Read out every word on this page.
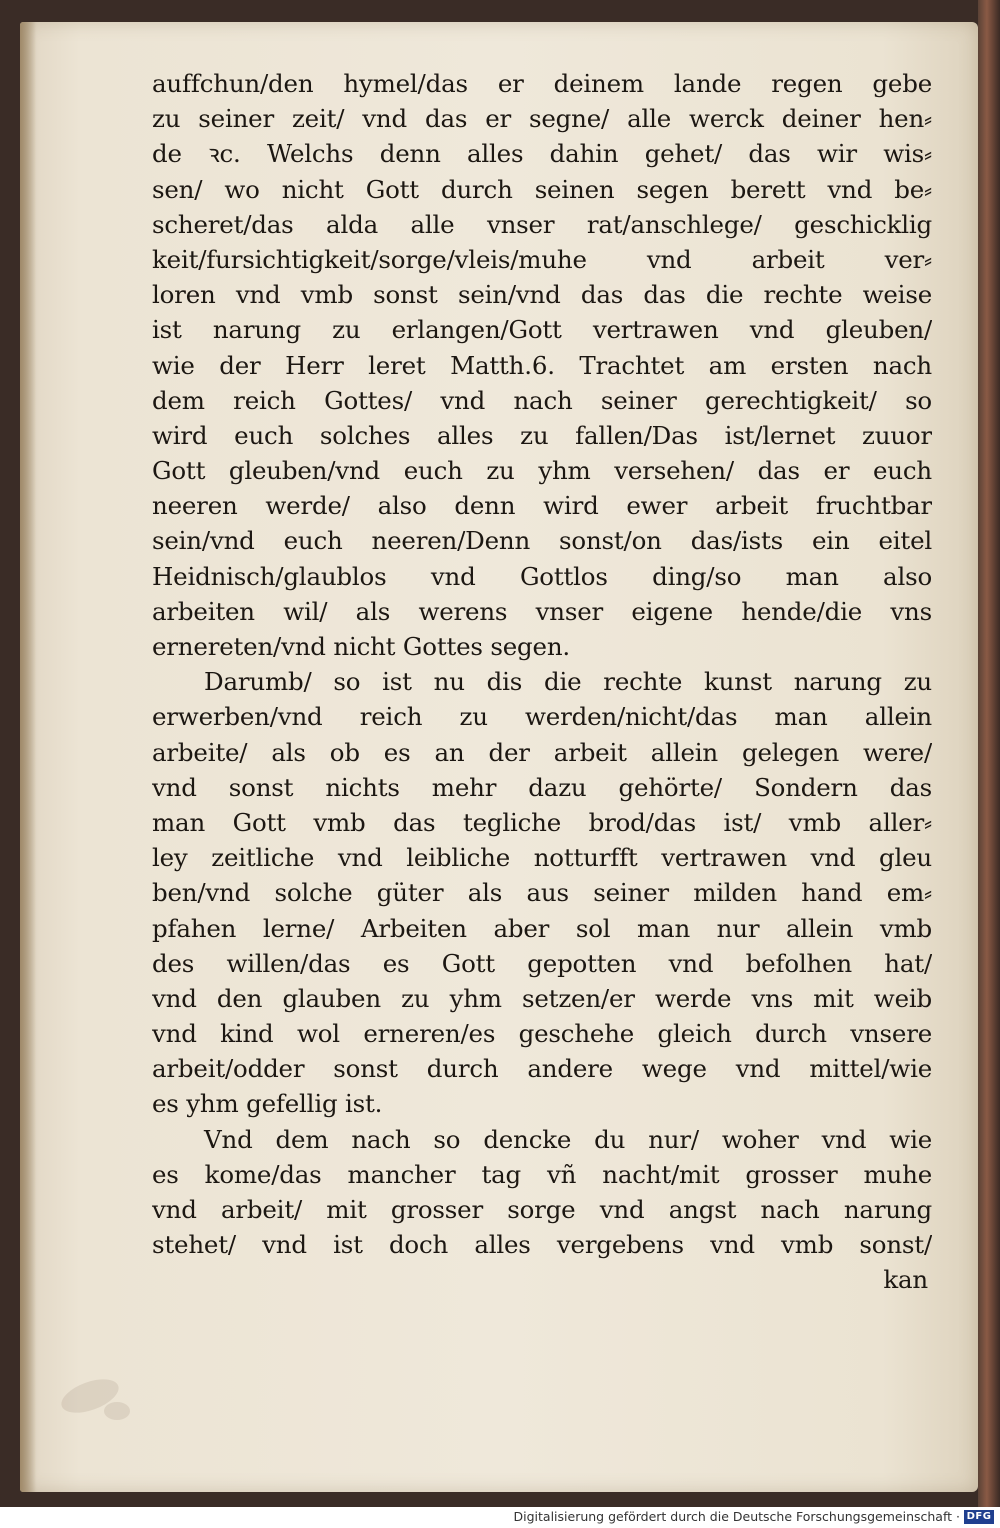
auffchun/den hymel/das er deinem lande regen gebe
zu seiner zeit/ vnd das er segne/ alle werck deiner hen⸗
de ꝛc. Welchs denn alles dahin gehet/ das wir wis⸗
sen/ wo nicht Gott durch seinen segen berett vnd be⸗
scheret/das alda alle vnser rat/anschlege/ geschicklig
keit/fursichtigkeit/sorge/vleis/muhe vnd arbeit ver⸗
loren vnd vmb sonst sein/vnd das das die rechte weise
ist narung zu erlangen/Gott vertrawen vnd gleuben/
wie der Herr leret Matth.6. Trachtet am ersten nach
dem reich Gottes/ vnd nach seiner gerechtigkeit/ so
wird euch solches alles zu fallen/Das ist/lernet zuuor
Gott gleuben/vnd euch zu yhm versehen/ das er euch
neeren werde/ also denn wird ewer arbeit fruchtbar
sein/vnd euch neeren/Denn sonst/on das/ists ein eitel
Heidnisch/glaublos vnd Gottlos ding/so man also
arbeiten wil/ als werens vnser eigene hende/die vns
ernereten/vnd nicht Gottes segen.
Darumb/ so ist nu dis die rechte kunst narung zu
erwerben/vnd reich zu werden/nicht/das man allein
arbeite/ als ob es an der arbeit allein gelegen were/
vnd sonst nichts mehr dazu gehörte/ Sondern das
man Gott vmb das tegliche brod/das ist/ vmb aller⸗
ley zeitliche vnd leibliche notturfft vertrawen vnd gleu
ben/vnd solche güter als aus seiner milden hand em⸗
pfahen lerne/ Arbeiten aber sol man nur allein vmb
des willen/das es Gott gepotten vnd befolhen hat/
vnd den glauben zu yhm setzen/er werde vns mit weib
vnd kind wol erneren/es geschehe gleich durch vnsere
arbeit/odder sonst durch andere wege vnd mittel/wie
es yhm gefellig ist.
Vnd dem nach so dencke du nur/ woher vnd wie
es kome/das mancher tag vñ nacht/mit grosser muhe
vnd arbeit/ mit grosser sorge vnd angst nach narung
stehet/ vnd ist doch alles vergebens vnd vmb sonst/
kan
Digitalisierung gefördert durch die Deutsche Forschungsgemeinschaft · DFG
